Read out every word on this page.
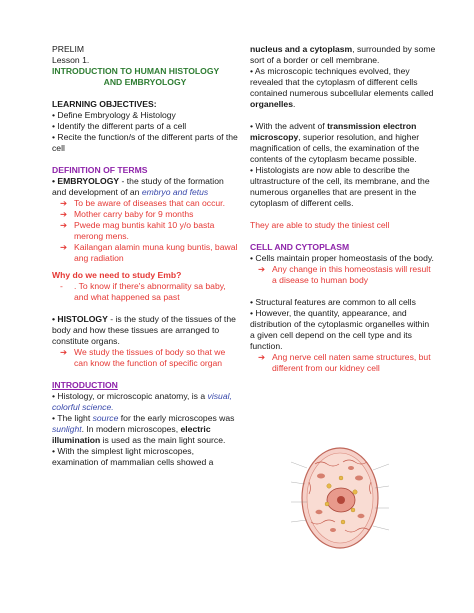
PRELIM

Lesson 1.

INTRODUCTION TO HUMAN HISTOLOGY

AND EMBRYOLOGY

LEARNING OBJECTIVES:

• Define Embryology & Histology

• Identify the different parts of a cell

• Recite the function/s of the different parts of the cell

DEFINITION OF TERMS

• EMBRYOLOGY - the study of the formation and development of an embryo and fetus

➔ To be aware of diseases that can occur.
➔ Mother carry baby for 9 months
➔ Pwede mag buntis kahit 10 y/o basta merong mens.
➔ Kailangan alamin muna kung buntis, bawal ang radiation

Why do we need to study Emb?

-	. To know if there's abnormality sa baby, and what happened sa past

• HISTOLOGY - is the study of the tissues of the body and how these tissues are arranged to constitute organs.

➔ We study the tissues of body so that we can know the function of specific organ

INTRODUCTION

• Histology, or microscopic anatomy, is a visual, colorful science.

• The light source for the early microscopes was sunlight. In modern microscopes, electric illumination is used as the main light source.

• With the simplest light microscopes, examination of mammalian cells showed a

nucleus and a cytoplasm, surrounded by some sort of a border or cell membrane.

• As microscopic techniques evolved, they revealed that the cytoplasm of different cells contained numerous subcellular elements called organelles.

• With the advent of transmission electron microscopy, superior resolution, and higher magnification of cells, the examination of the contents of the cytoplasm became possible.

• Histologists are now able to describe the ultrastructure of the cell, its membrane, and the numerous organelles that are present in the cytoplasm of different cells.

They are able to study the tiniest cell

CELL AND CYTOPLASM

• Cells maintain proper homeostasis of the body.

➔ Any change in this homeostasis will result a disease to human body

• Structural features are common to all cells

• However, the quantity, appearance, and distribution of the cytoplasmic organelles within a given cell depend on the cell type and its function.

➔ Ang nerve cell naten same structures, but different from our kidney cell
